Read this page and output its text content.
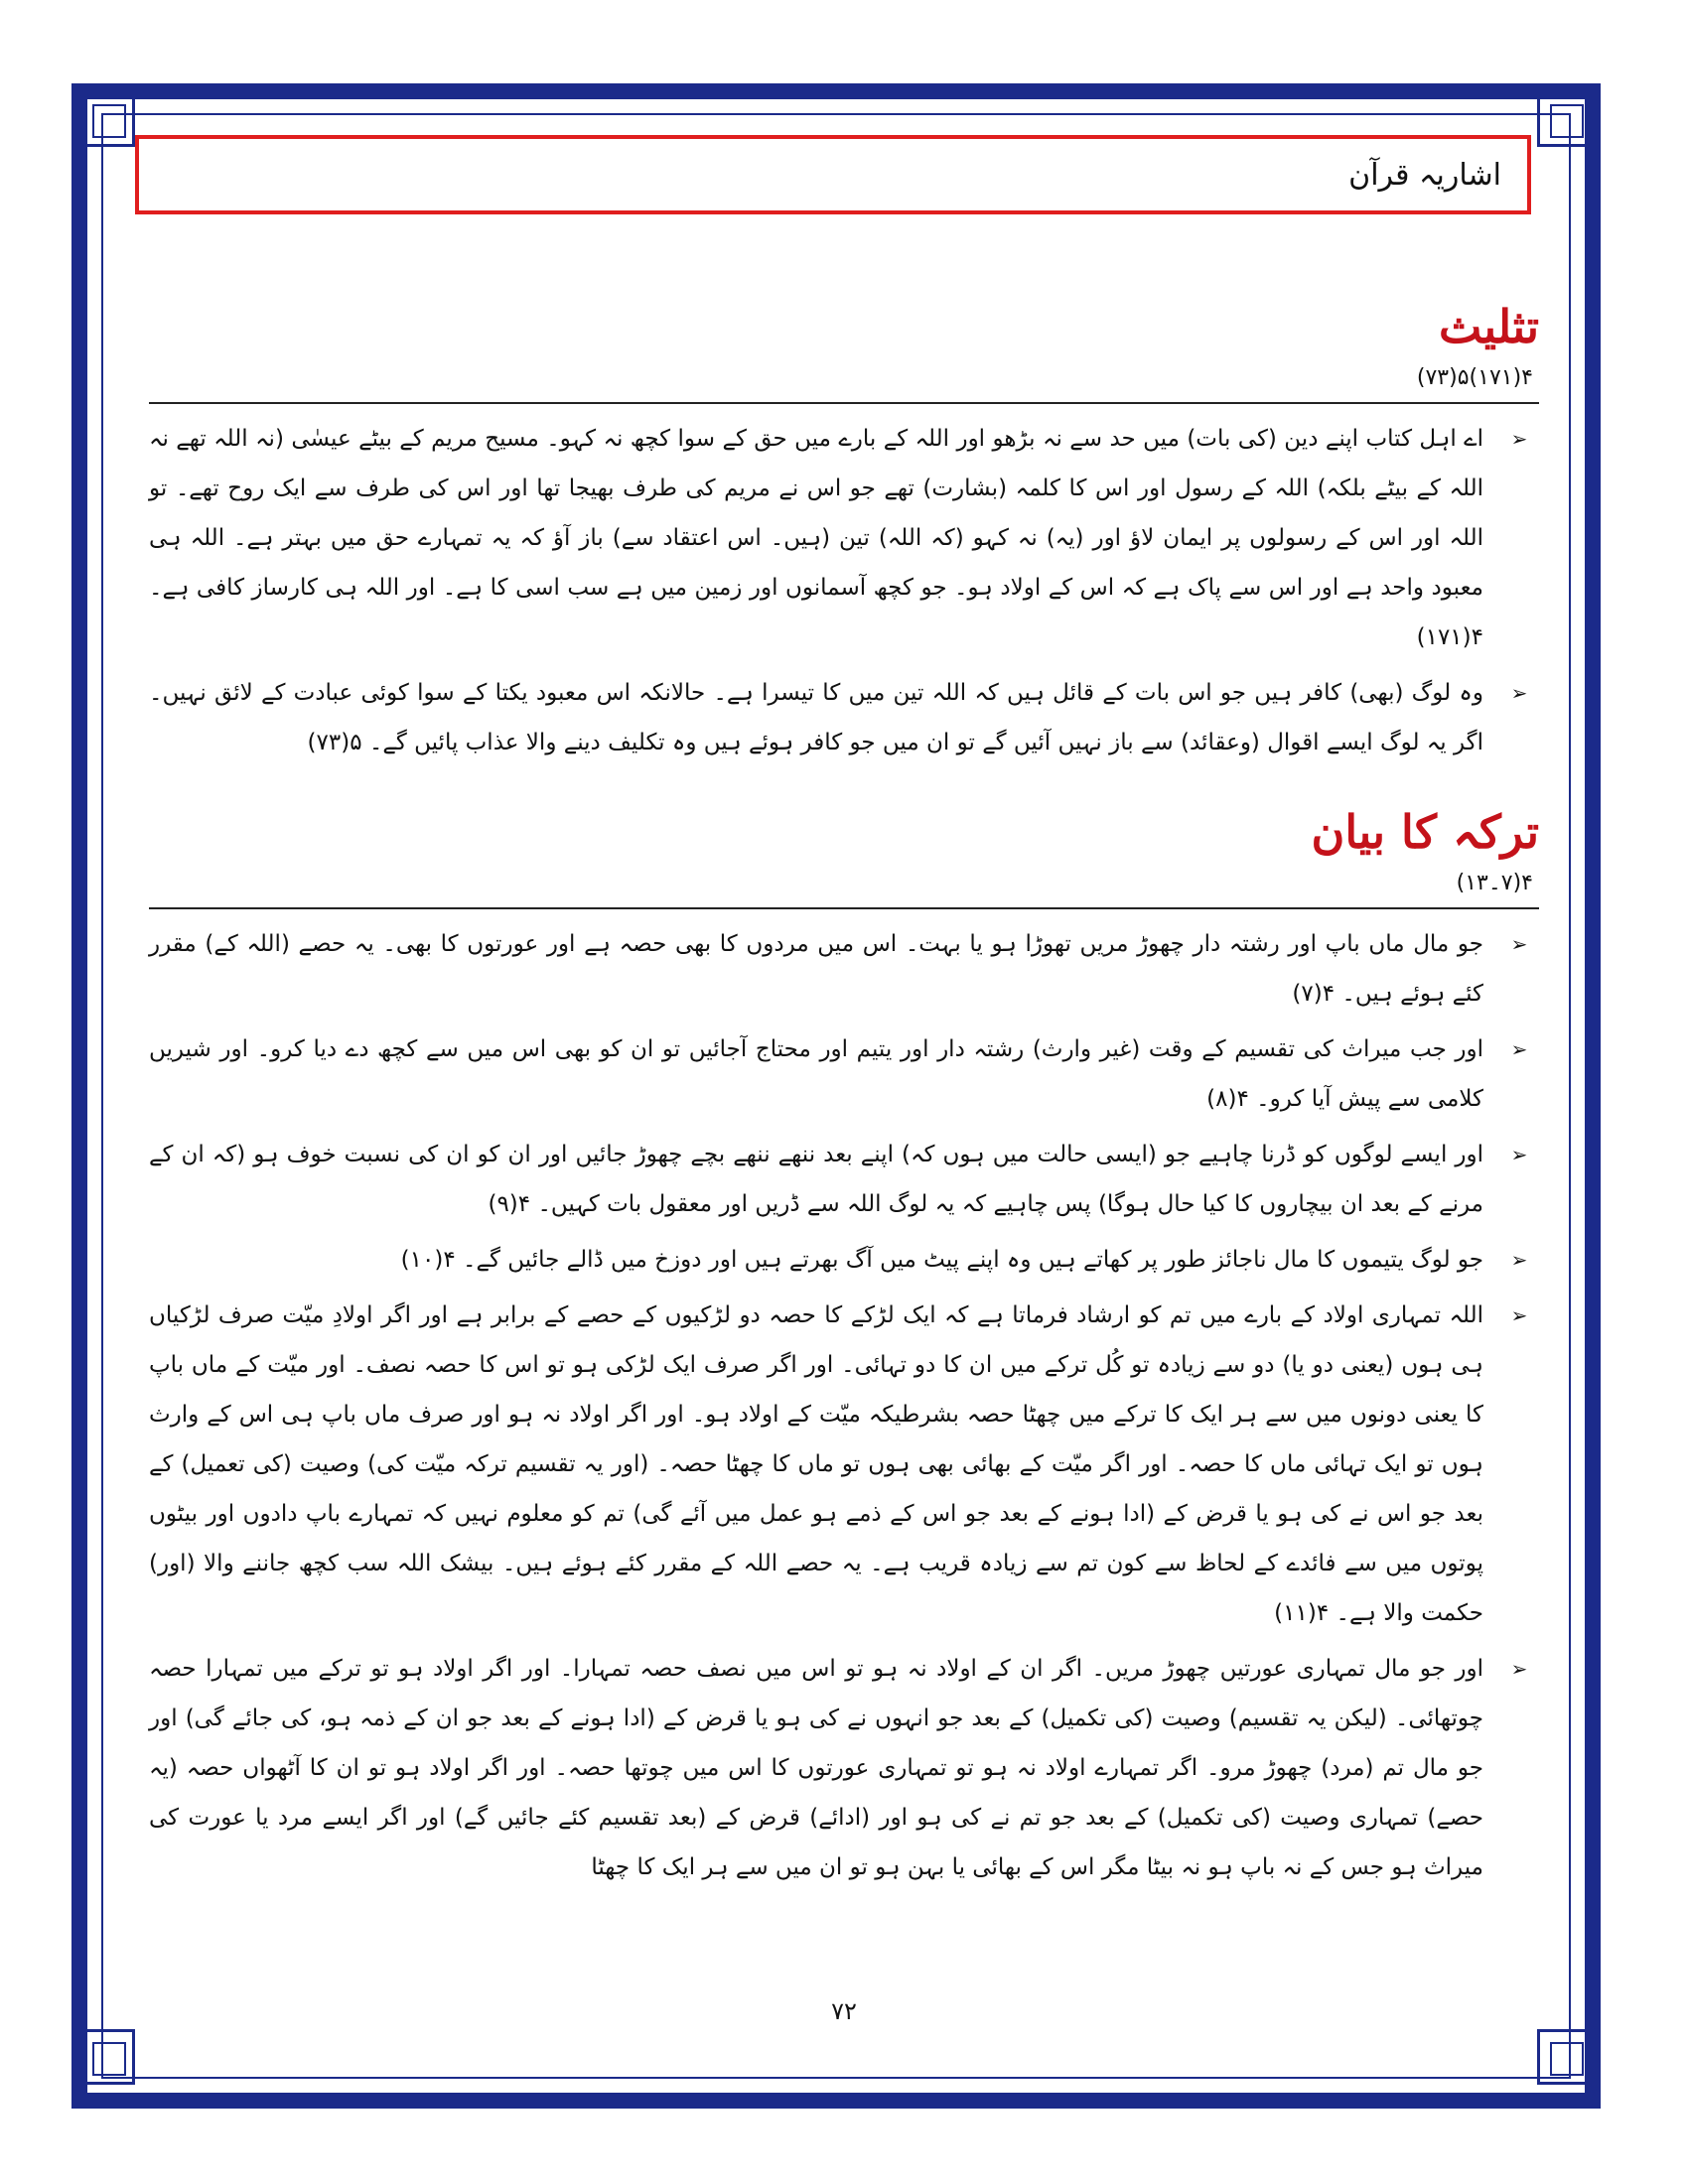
اشاریہ قرآن
تثلیث
۴(۱۷۱)۵(۷۳)
➢
اے اہل کتاب اپنے دین (کی بات) میں حد سے نہ بڑھو اور اللہ کے بارے میں حق کے سوا کچھ نہ کہو۔ مسیح مریم کے بیٹے عیسٰی (نہ اللہ تھے نہ اللہ کے بیٹے بلکہ) اللہ کے رسول اور اس کا کلمہ (بشارت) تھے جو اس نے مریم کی طرف بھیجا تھا اور اس کی طرف سے ایک روح تھے۔ تو اللہ اور اس کے رسولوں پر ایمان لاؤ اور (یہ) نہ کہو (کہ اللہ) تین (ہیں۔ اس اعتقاد سے) باز آؤ کہ یہ تمہارے حق میں بہتر ہے۔ اللہ ہی معبود واحد ہے اور اس سے پاک ہے کہ اس کے اولاد ہو۔ جو کچھ آسمانوں اور زمین میں ہے سب اسی کا ہے۔ اور اللہ ہی کارساز کافی ہے۔ ۴(۱۷۱)
➢
وہ لوگ (بھی) کافر ہیں جو اس بات کے قائل ہیں کہ اللہ تین میں کا تیسرا ہے۔ حالانکہ اس معبود یکتا کے سوا کوئی عبادت کے لائق نہیں۔ اگر یہ لوگ ایسے اقوال (وعقائد) سے باز نہیں آئیں گے تو ان میں جو کافر ہوئے ہیں وہ تکلیف دینے والا عذاب پائیں گے۔ ۵(۷۳)
ترکہ کا بیان
۴(۷۔۱۳)
➢
جو مال ماں باپ اور رشتہ دار چھوڑ مریں تھوڑا ہو یا بہت۔ اس میں مردوں کا بھی حصہ ہے اور عورتوں کا بھی۔ یہ حصے (اللہ کے) مقرر کئے ہوئے ہیں۔ ۴(۷)
➢
اور جب میراث کی تقسیم کے وقت (غیر وارث) رشتہ دار اور یتیم اور محتاج آجائیں تو ان کو بھی اس میں سے کچھ دے دیا کرو۔ اور شیریں کلامی سے پیش آیا کرو۔ ۴(۸)
➢
اور ایسے لوگوں کو ڈرنا چاہیے جو (ایسی حالت میں ہوں کہ) اپنے بعد ننھے ننھے بچے چھوڑ جائیں اور ان کو ان کی نسبت خوف ہو (کہ ان کے مرنے کے بعد ان بیچاروں کا کیا حال ہوگا) پس چاہیے کہ یہ لوگ اللہ سے ڈریں اور معقول بات کہیں۔ ۴(۹)
➢
جو لوگ یتیموں کا مال ناجائز طور پر کھاتے ہیں وہ اپنے پیٹ میں آگ بھرتے ہیں اور دوزخ میں ڈالے جائیں گے۔ ۴(۱۰)
➢
اللہ تمہاری اولاد کے بارے میں تم کو ارشاد فرماتا ہے کہ ایک لڑکے کا حصہ دو لڑکیوں کے حصے کے برابر ہے اور اگر اولادِ میّت صرف لڑکیاں ہی ہوں (یعنی دو یا) دو سے زیادہ تو کُل ترکے میں ان کا دو تہائی۔ اور اگر صرف ایک لڑکی ہو تو اس کا حصہ نصف۔ اور میّت کے ماں باپ کا یعنی دونوں میں سے ہر ایک کا ترکے میں چھٹا حصہ بشرطیکہ میّت کے اولاد ہو۔ اور اگر اولاد نہ ہو اور صرف ماں باپ ہی اس کے وارث ہوں تو ایک تہائی ماں کا حصہ۔ اور اگر میّت کے بھائی بھی ہوں تو ماں کا چھٹا حصہ۔ (اور یہ تقسیم ترکہ میّت کی) وصیت (کی تعمیل) کے بعد جو اس نے کی ہو یا قرض کے (ادا ہونے کے بعد جو اس کے ذمے ہو عمل میں آئے گی) تم کو معلوم نہیں کہ تمہارے باپ دادوں اور بیٹوں پوتوں میں سے فائدے کے لحاظ سے کون تم سے زیادہ قریب ہے۔ یہ حصے اللہ کے مقرر کئے ہوئے ہیں۔ بیشک اللہ سب کچھ جاننے والا (اور) حکمت والا ہے۔ ۴(۱۱)
➢
اور جو مال تمہاری عورتیں چھوڑ مریں۔ اگر ان کے اولاد نہ ہو تو اس میں نصف حصہ تمہارا۔ اور اگر اولاد ہو تو ترکے میں تمہارا حصہ چوتھائی۔ (لیکن یہ تقسیم) وصیت (کی تکمیل) کے بعد جو انہوں نے کی ہو یا قرض کے (ادا ہونے کے بعد جو ان کے ذمہ ہو، کی جائے گی) اور جو مال تم (مرد) چھوڑ مرو۔ اگر تمہارے اولاد نہ ہو تو تمہاری عورتوں کا اس میں چوتھا حصہ۔ اور اگر اولاد ہو تو ان کا آٹھواں حصہ (یہ حصے) تمہاری وصیت (کی تکمیل) کے بعد جو تم نے کی ہو اور (ادائے) قرض کے (بعد تقسیم کئے جائیں گے) اور اگر ایسے مرد یا عورت کی میراث ہو جس کے نہ باپ ہو نہ بیٹا مگر اس کے بھائی یا بہن ہو تو ان میں سے ہر ایک کا چھٹا
۷۲
